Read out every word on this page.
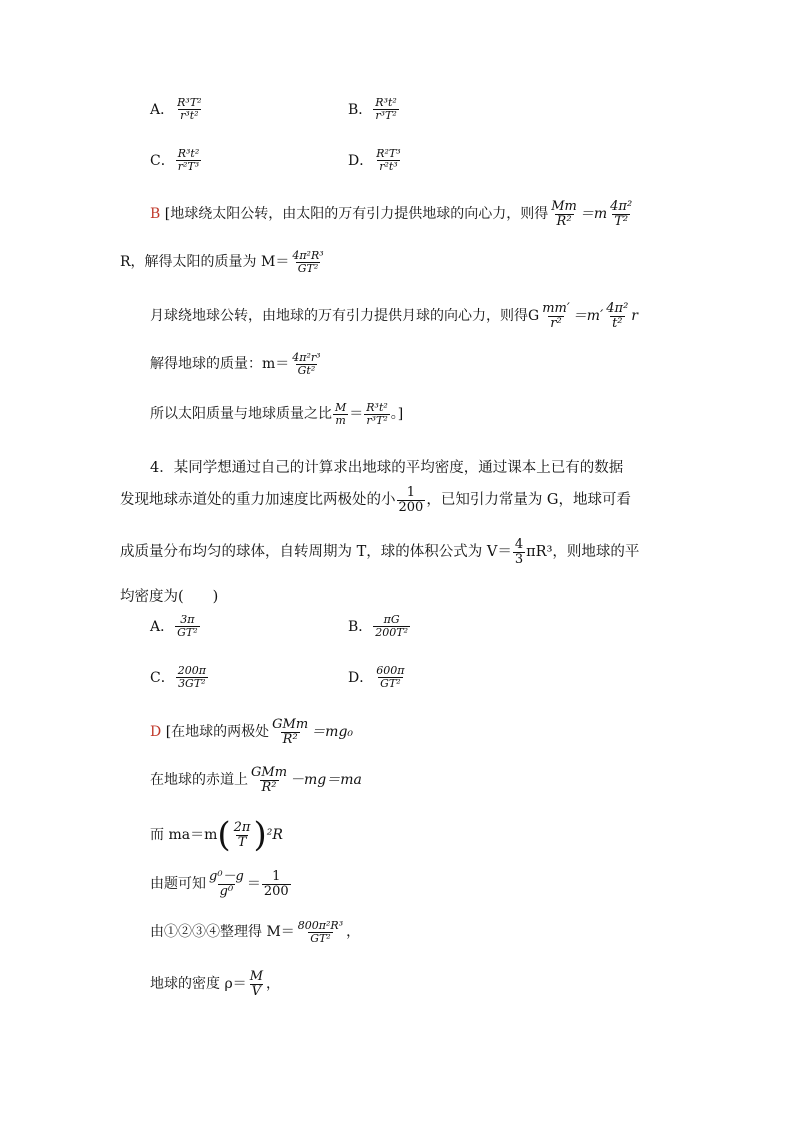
A． $\frac{\text{R³T²}}{\text{r³t²}}$	B． $\frac{\text{R³t²}}{\text{r³T²}}$
C． $\frac{\text{R³t²}}{\text{r²T³}}$	D． $\frac{\text{R²T³}}{\text{r²t³}}$
B [地球绕太阳公转，由太阳的万有引力提供地球的向心力，则得 $\frac{Mm}{\text{R²}} =m \frac{\text{4π²}}{\text{T²}}$
R，解得太阳的质量为 $M= \frac{\text{4π²R³}}{\text{GT²}}$
月球绕地球公转，由地球的万有引力提供月球的向心力，则得G $\frac{mm'}{\text{r²}} =m' \frac{\text{4π²}}{\text{t²}}$ r
解得地球的质量：$m= \frac{\text{4π²r³}}{\text{Gt²}}$
所以太阳质量与地球质量之比 $\frac{M}{m} = \frac{\text{R³t²}}{\text{r³T²}}$ 。]
4．某同学想通过自己的计算求出地球的平均密度，通过课本上已有的数据
发现地球赤道处的重力加速度比两极处的小 $\frac{1}{200}$ ，已知引力常量为 G，地球可看
成质量分布均匀的球体，自转周期为 T，球的体积公式为 $V= \frac{4}{3} \pi R^3$，则地球的平
均密度为(　　)
A． $\frac{3\pi}{\text{GT²}}$	B． $\frac{\pi G}{\text{200T²}}$
C． $\frac{200\pi}{\text{3GT²}}$	D． $\frac{600\pi}{\text{GT²}}$
D [在地球的两极处 $\frac{\text{GMm}}{\text{R²}} =mg_0$
在地球的赤道上 $\frac{\text{GMm}}{\text{R²}} -mg=ma$
而 $ma=m( \frac{2\pi}{T} )^2R$
由题可知 $\frac{\text{g⁰－g}}{\text{g⁰}} = \frac{1}{200}$
由①②③④整理得 $M= \frac{\text{800π²R³}}{\text{GT²}}$ ，
地球的密度 $\rho= \frac{M}{V}$ ，
